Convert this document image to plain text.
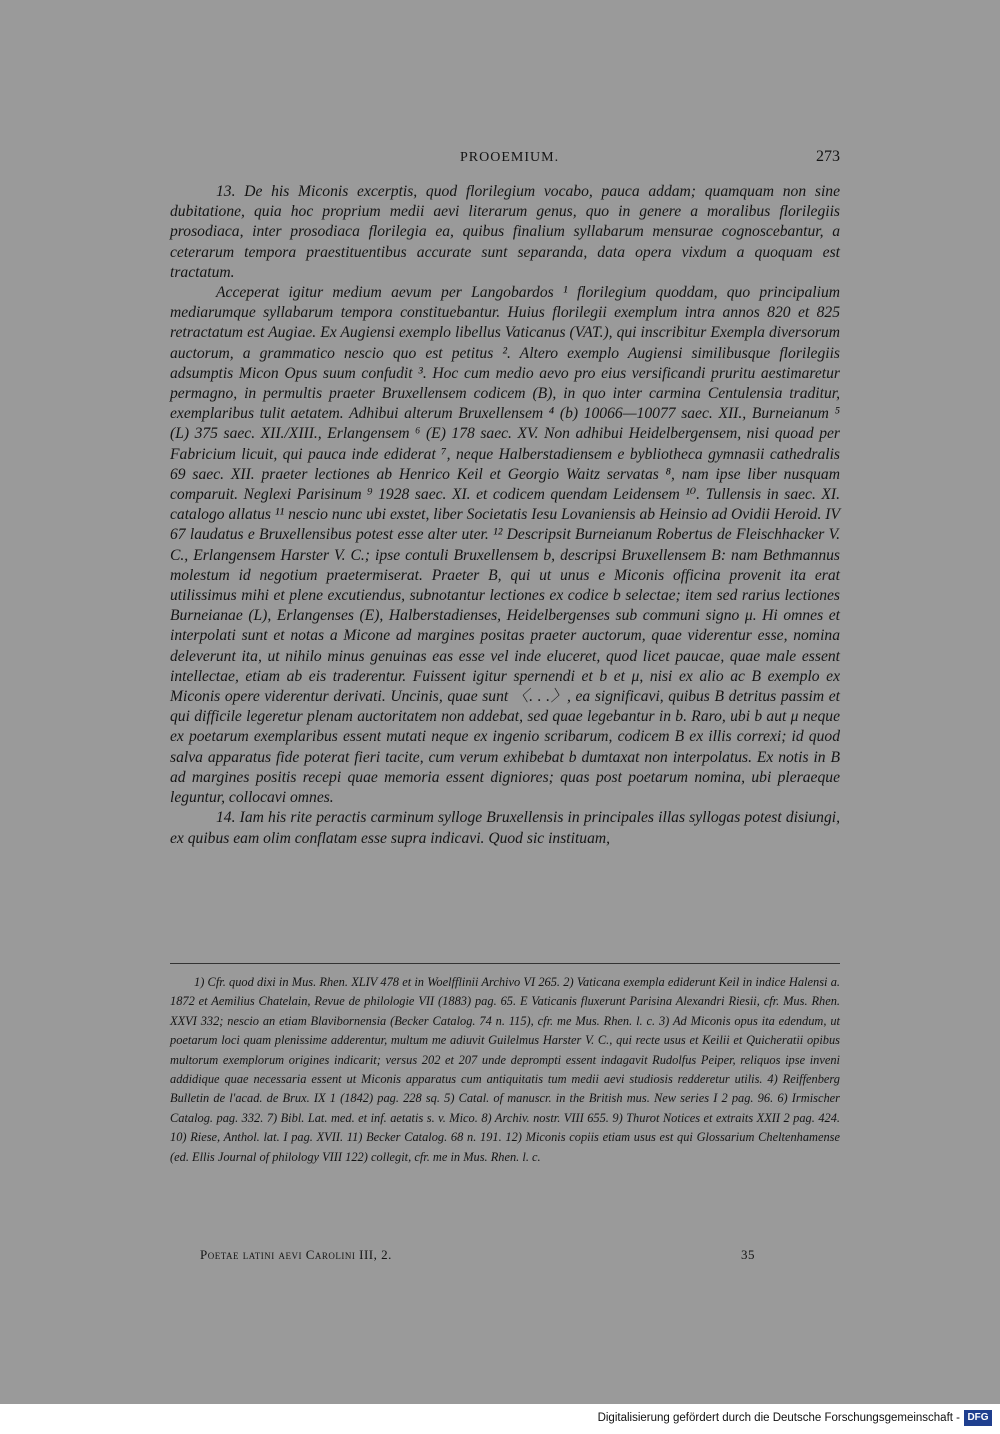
PROOEMIUM.	273

13. De his Miconis excerptis, quod florilegium vocabo, pauca addam; quamquam non sine dubitatione, quia hoc proprium medii aevi literarum genus, quo in genere a moralibus florilegiis prosodiaca, inter prosodiaca florilegia ea, quibus finalium syllabarum mensurae cognoscebantur, a ceterarum tempora praestituentibus accurate sunt separanda, data opera vixdum a quoquam est tractatum.

Acceperat igitur medium aevum per Langobardos ¹ florilegium quoddam, quo principalium mediarumque syllabarum tempora constituebantur. Huius florilegii exemplum intra annos 820 et 825 retractatum est Augiae. Ex Augiensi exemplo libellus Vaticanus (VAT.), qui inscribitur Exempla diversorum auctorum, a grammatico nescio quo est petitus ². Altero exemplo Augiensi similibusque florilegiis adsumptis Micon Opus suum confudit ³. Hoc cum medio aevo pro eius versificandi pruritu aestimaretur permagno, in permultis praeter Bruxellensem codicem (B), in quo inter carmina Centulensia traditur, exemplaribus tulit aetatem. Adhibui alterum Bruxellensem ⁴ (b) 10066—10077 saec. XII., Burneianum ⁵ (L) 375 saec. XII./XIII., Erlangensem ⁶ (E) 178 saec. XV. Non adhibui Heidelbergensem, nisi quoad per Fabricium licuit, qui pauca inde ediderat ⁷, neque Halberstadiensem e bybliotheca gymnasii cathedralis 69 saec. XII. praeter lectiones ab Henrico Keil et Georgio Waitz servatas ⁸, nam ipse liber nusquam comparuit. Neglexi Parisinum ⁹ 1928 saec. XI. et codicem quendam Leidensem ¹⁰. Tullensis in saec. XI. catalogo allatus ¹¹ nescio nunc ubi exstet, liber Societatis Iesu Lovaniensis ab Heinsio ad Ovidii Heroid. IV 67 laudatus e Bruxellensibus potest esse alter uter. ¹² Descripsit Burneianum Robertus de Fleischhacker V. C., Erlangensem Harster V. C.; ipse contuli Bruxellensem b, descripsi Bruxellensem B: nam Bethmannus molestum id negotium praetermiserat. Praeter B, qui ut unus e Miconis officina provenit ita erat utilissimus mihi et plene excutiendus, subnotantur lectiones ex codice b selectae; item sed rarius lectiones Burneianae (L), Erlangenses (E), Halberstadienses, Heidelbergenses sub communi signo μ. Hi omnes et interpolati sunt et notas a Micone ad margines positas praeter auctorum, quae viderentur esse, nomina deleverunt ita, ut nihilo minus genuinas eas esse vel inde eluceret, quod licet paucae, quae male essent intellectae, etiam ab eis traderentur. Fuissent igitur spernendi et b et μ, nisi ex alio ac B exemplo ex Miconis opere viderentur derivati. Uncinis, quae sunt 〈. . .〉, ea significavi, quibus B detritus passim et qui difficile legeretur plenam auctoritatem non addebat, sed quae legebantur in b. Raro, ubi b aut μ neque ex poetarum exemplaribus essent mutati neque ex ingenio scribarum, codicem B ex illis correxi; id quod salva apparatus fide poterat fieri tacite, cum verum exhibebat b dumtaxat non interpolatus. Ex notis in B ad margines positis recepi quae memoria essent digniores; quas post poetarum nomina, ubi pleraeque leguntur, collocavi omnes.

14. Iam his rite peractis carminum sylloge Bruxellensis in principales illas syllogas potest disiungi, ex quibus eam olim conflatam esse supra indicavi. Quod sic instituam,

1) Cfr. quod dixi in Mus. Rhen. XLIV 478 et in Woelfflinii Archivo VI 265. 2) Vaticana exempla ediderunt Keil in indice Halensi a. 1872 et Aemilius Chatelain, Revue de philologie VII (1883) pag. 65. E Vaticanis fluxerunt Parisina Alexandri Riesii, cfr. Mus. Rhen. XXVI 332; nescio an etiam Blavibornensia (Becker Catalog. 74 n. 115), cfr. me Mus. Rhen. l. c. 3) Ad Miconis opus ita edendum, ut poetarum loci quam plenissime adderentur, multum me adiuvit Guilelmus Harster V. C., qui recte usus et Keilii et Quicheratii opibus multorum exemplorum origines indicarit; versus 202 et 207 unde deprompti essent indagavit Rudolfus Peiper, reliquos ipse inveni addidique quae necessaria essent ut Miconis apparatus cum antiquitatis tum medii aevi studiosis redderetur utilis. 4) Reiffenberg Bulletin de l'acad. de Brux. IX 1 (1842) pag. 228 sq. 5) Catal. of manuscr. in the British mus. New series I 2 pag. 96. 6) Irmischer Catalog. pag. 332. 7) Bibl. Lat. med. et inf. aetatis s. v. Mico. 8) Archiv. nostr. VIII 655. 9) Thurot Notices et extraits XXII 2 pag. 424. 10) Riese, Anthol. lat. I pag. XVII. 11) Becker Catalog. 68 n. 191. 12) Miconis copiis etiam usus est qui Glossarium Cheltenhamense (ed. Ellis Journal of philology VIII 122) collegit, cfr. me in Mus. Rhen. l. c.

Poetae latini aevi Carolini III, 2.	35
Digitalisierung gefördert durch die Deutsche Forschungsgemeinschaft - DFG
